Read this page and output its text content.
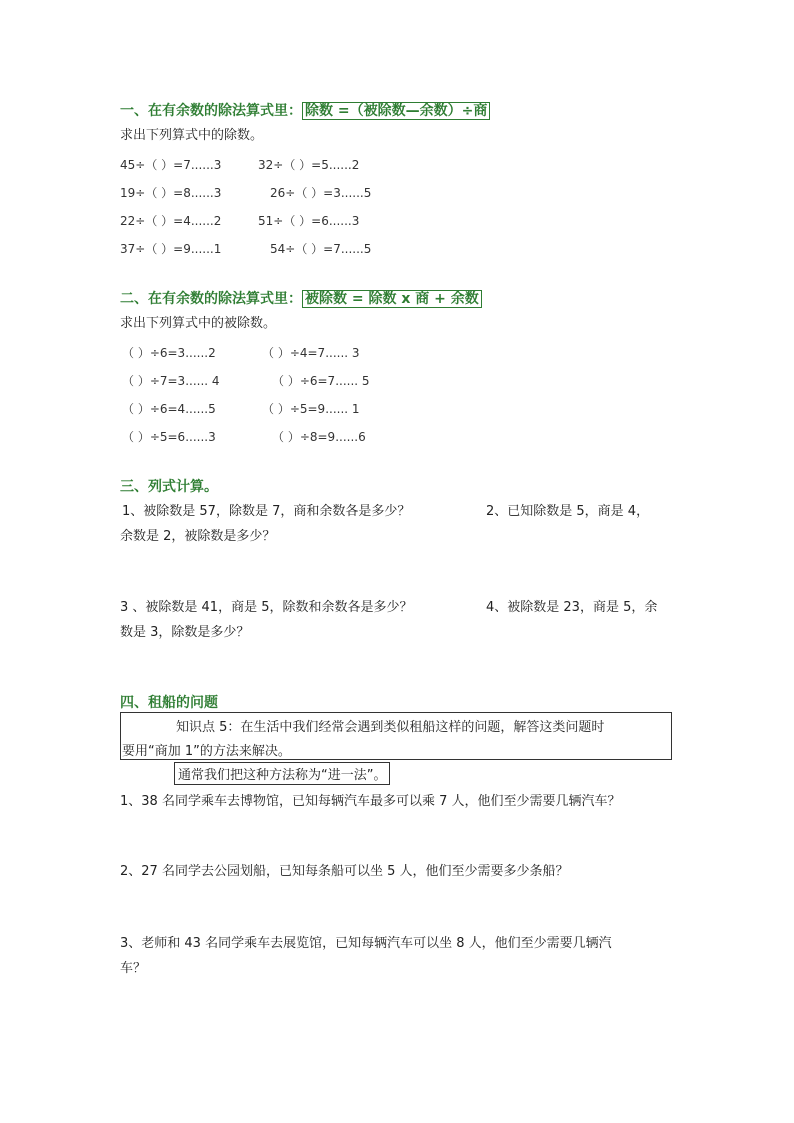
一、在有余数的除法算式里： 除数 =（被除数—余数）÷商
求出下列算式中的除数。
45÷（ ）=7......3	32÷（ ）=5......2
19÷（ ）=8......3	26÷（ ）=3......5
22÷（ ）=4......2	51÷（ ）=6......3
37÷（ ）=9......1	54÷（ ）=7......5
二、在有余数的除法算式里： 被除数 = 除数 x 商 + 余数
求出下列算式中的被除数。
（ ）÷6=3......2	（ ）÷4=7...... 3
（ ）÷7=3...... 4	（ ）÷6=7...... 5
（ ）÷6=4......5	（ ）÷5=9...... 1
（ ）÷5=6......3	（ ）÷8=9......6
三、列式计算。
1、被除数是 57，除数是 7，商和余数各是多少？	2、已知除数是 5，商是 4，
余数是 2，被除数是多少？
3 、被除数是 41，商是 5，除数和余数各是多少？	4、被除数是 23，商是 5，余
数是 3，除数是多少？
四、租船的问题
知识点 5：在生活中我们经常会遇到类似租船这样的问题，解答这类问题时
要用“商加 1”的方法来解决。
通常我们把这种方法称为“进一法”。
1、38 名同学乘车去博物馆，已知每辆汽车最多可以乘 7 人，他们至少需要几辆汽车？
2、27 名同学去公园划船，已知每条船可以坐 5 人，他们至少需要多少条船？
3、老师和 43 名同学乘车去展览馆，已知每辆汽车可以坐 8 人，他们至少需要几辆汽
车？
